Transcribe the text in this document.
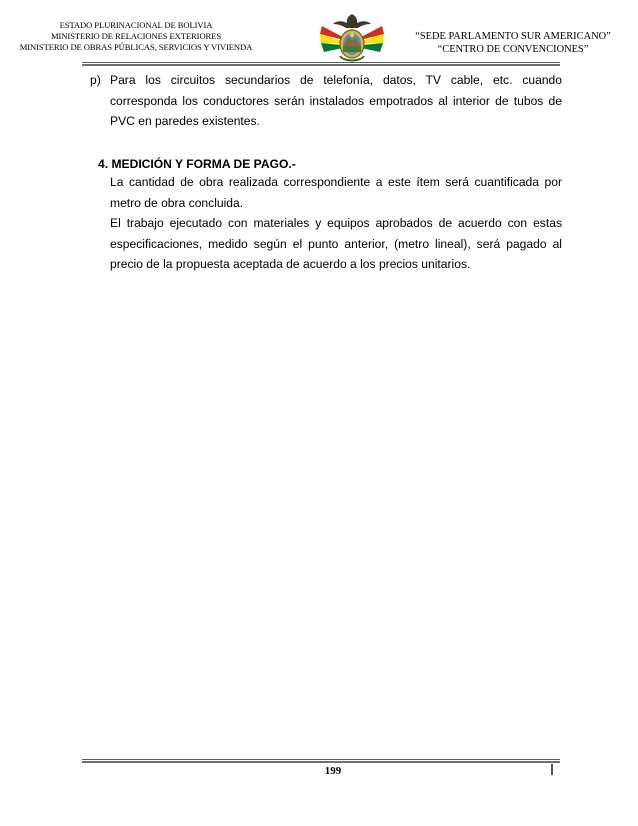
ESTADO PLURINACIONAL DE BOLIVIA
MINISTERIO DE RELACIONES EXTERIORES
MINISTERIO DE OBRAS PÚBLICAS, SERVICIOS Y VIVIENDA
“SEDE PARLAMENTO SUR AMERICANO”
“CENTRO DE CONVENCIONES”
p) Para los circuitos secundarios de telefonía, datos, TV cable, etc. cuando corresponda los conductores serán instalados empotrados al interior de tubos de PVC en paredes existentes.
4. MEDICIÓN Y FORMA DE PAGO.-

La cantidad de obra realizada correspondiente a este ítem será cuantificada por metro de obra concluida.

El trabajo ejecutado con materiales y equipos aprobados de acuerdo con estas especificaciones, medido según el punto anterior, (metro lineal), será pagado al precio de la propuesta aceptada de acuerdo a los precios unitarios.

199
